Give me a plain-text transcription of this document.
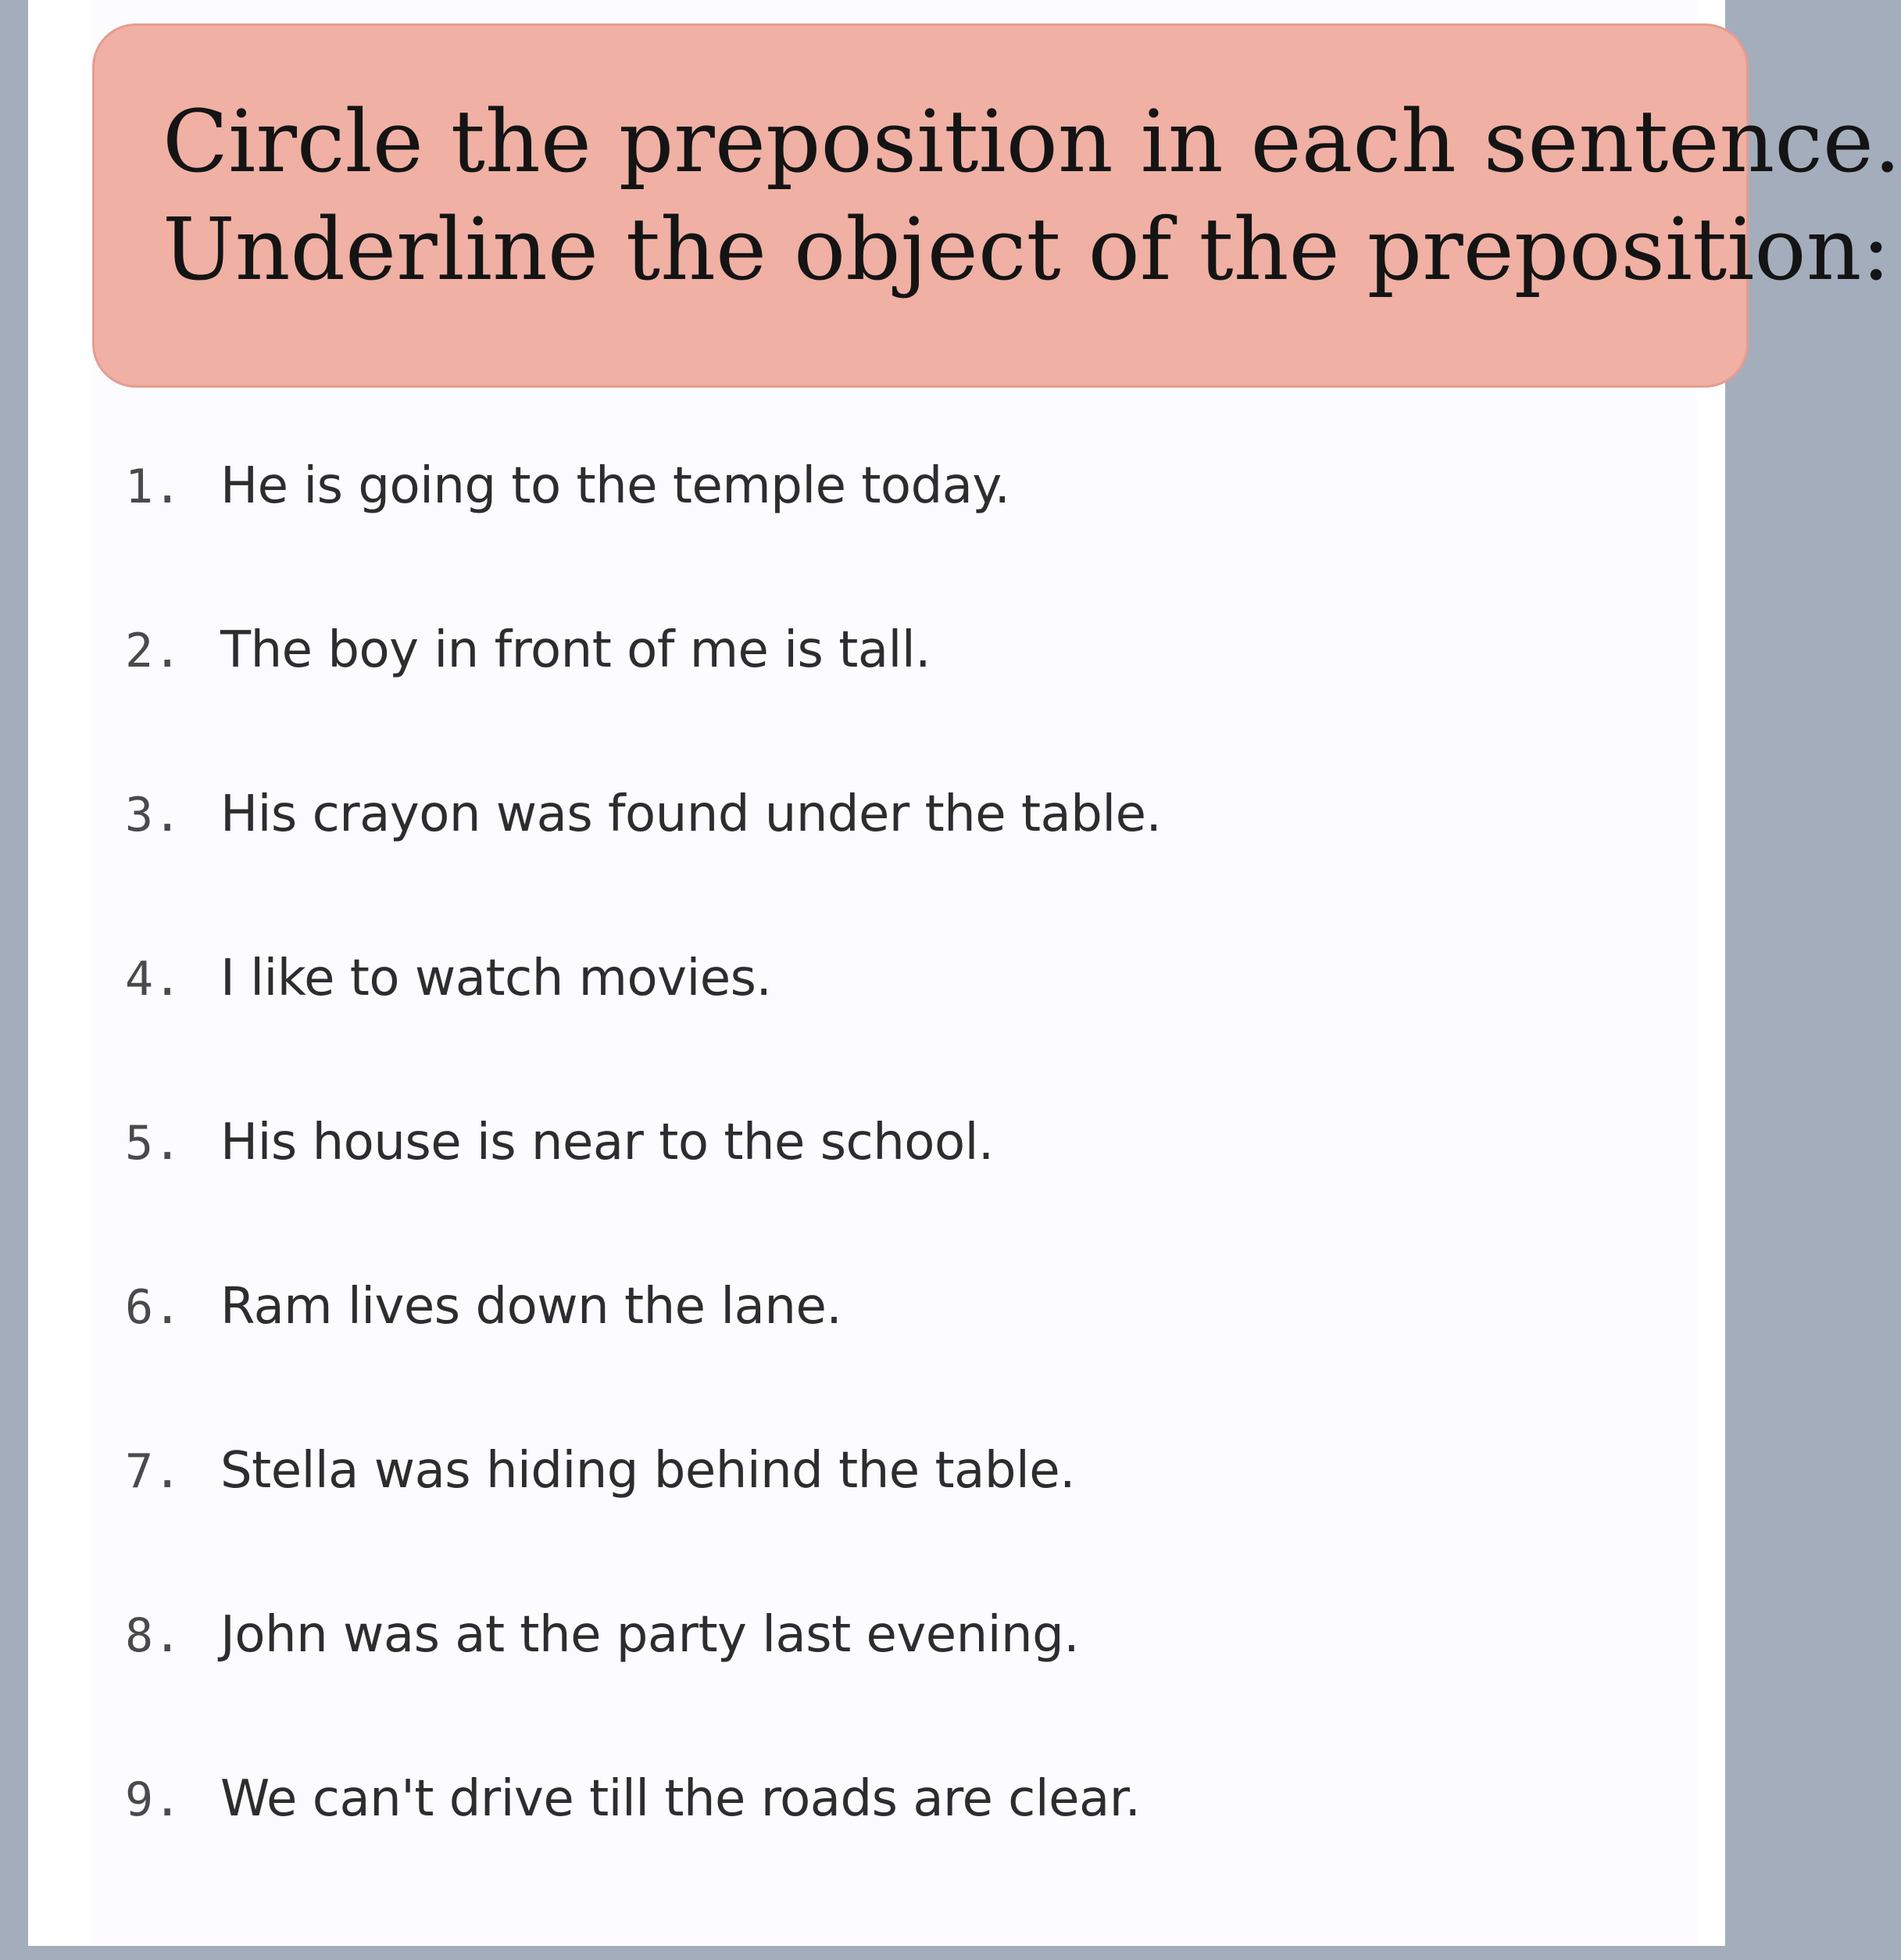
Circle the preposition in each sentence.
Underline the object of the preposition:
1. He is going to the temple today.
2. The boy in front of me is tall.
3. His crayon was found under the table.
4. I like to watch movies.
5. His house is near to the school.
6. Ram lives down the lane.
7. Stella was hiding behind the table.
8. John was at the party last evening.
9. We can't drive till the roads are clear.
